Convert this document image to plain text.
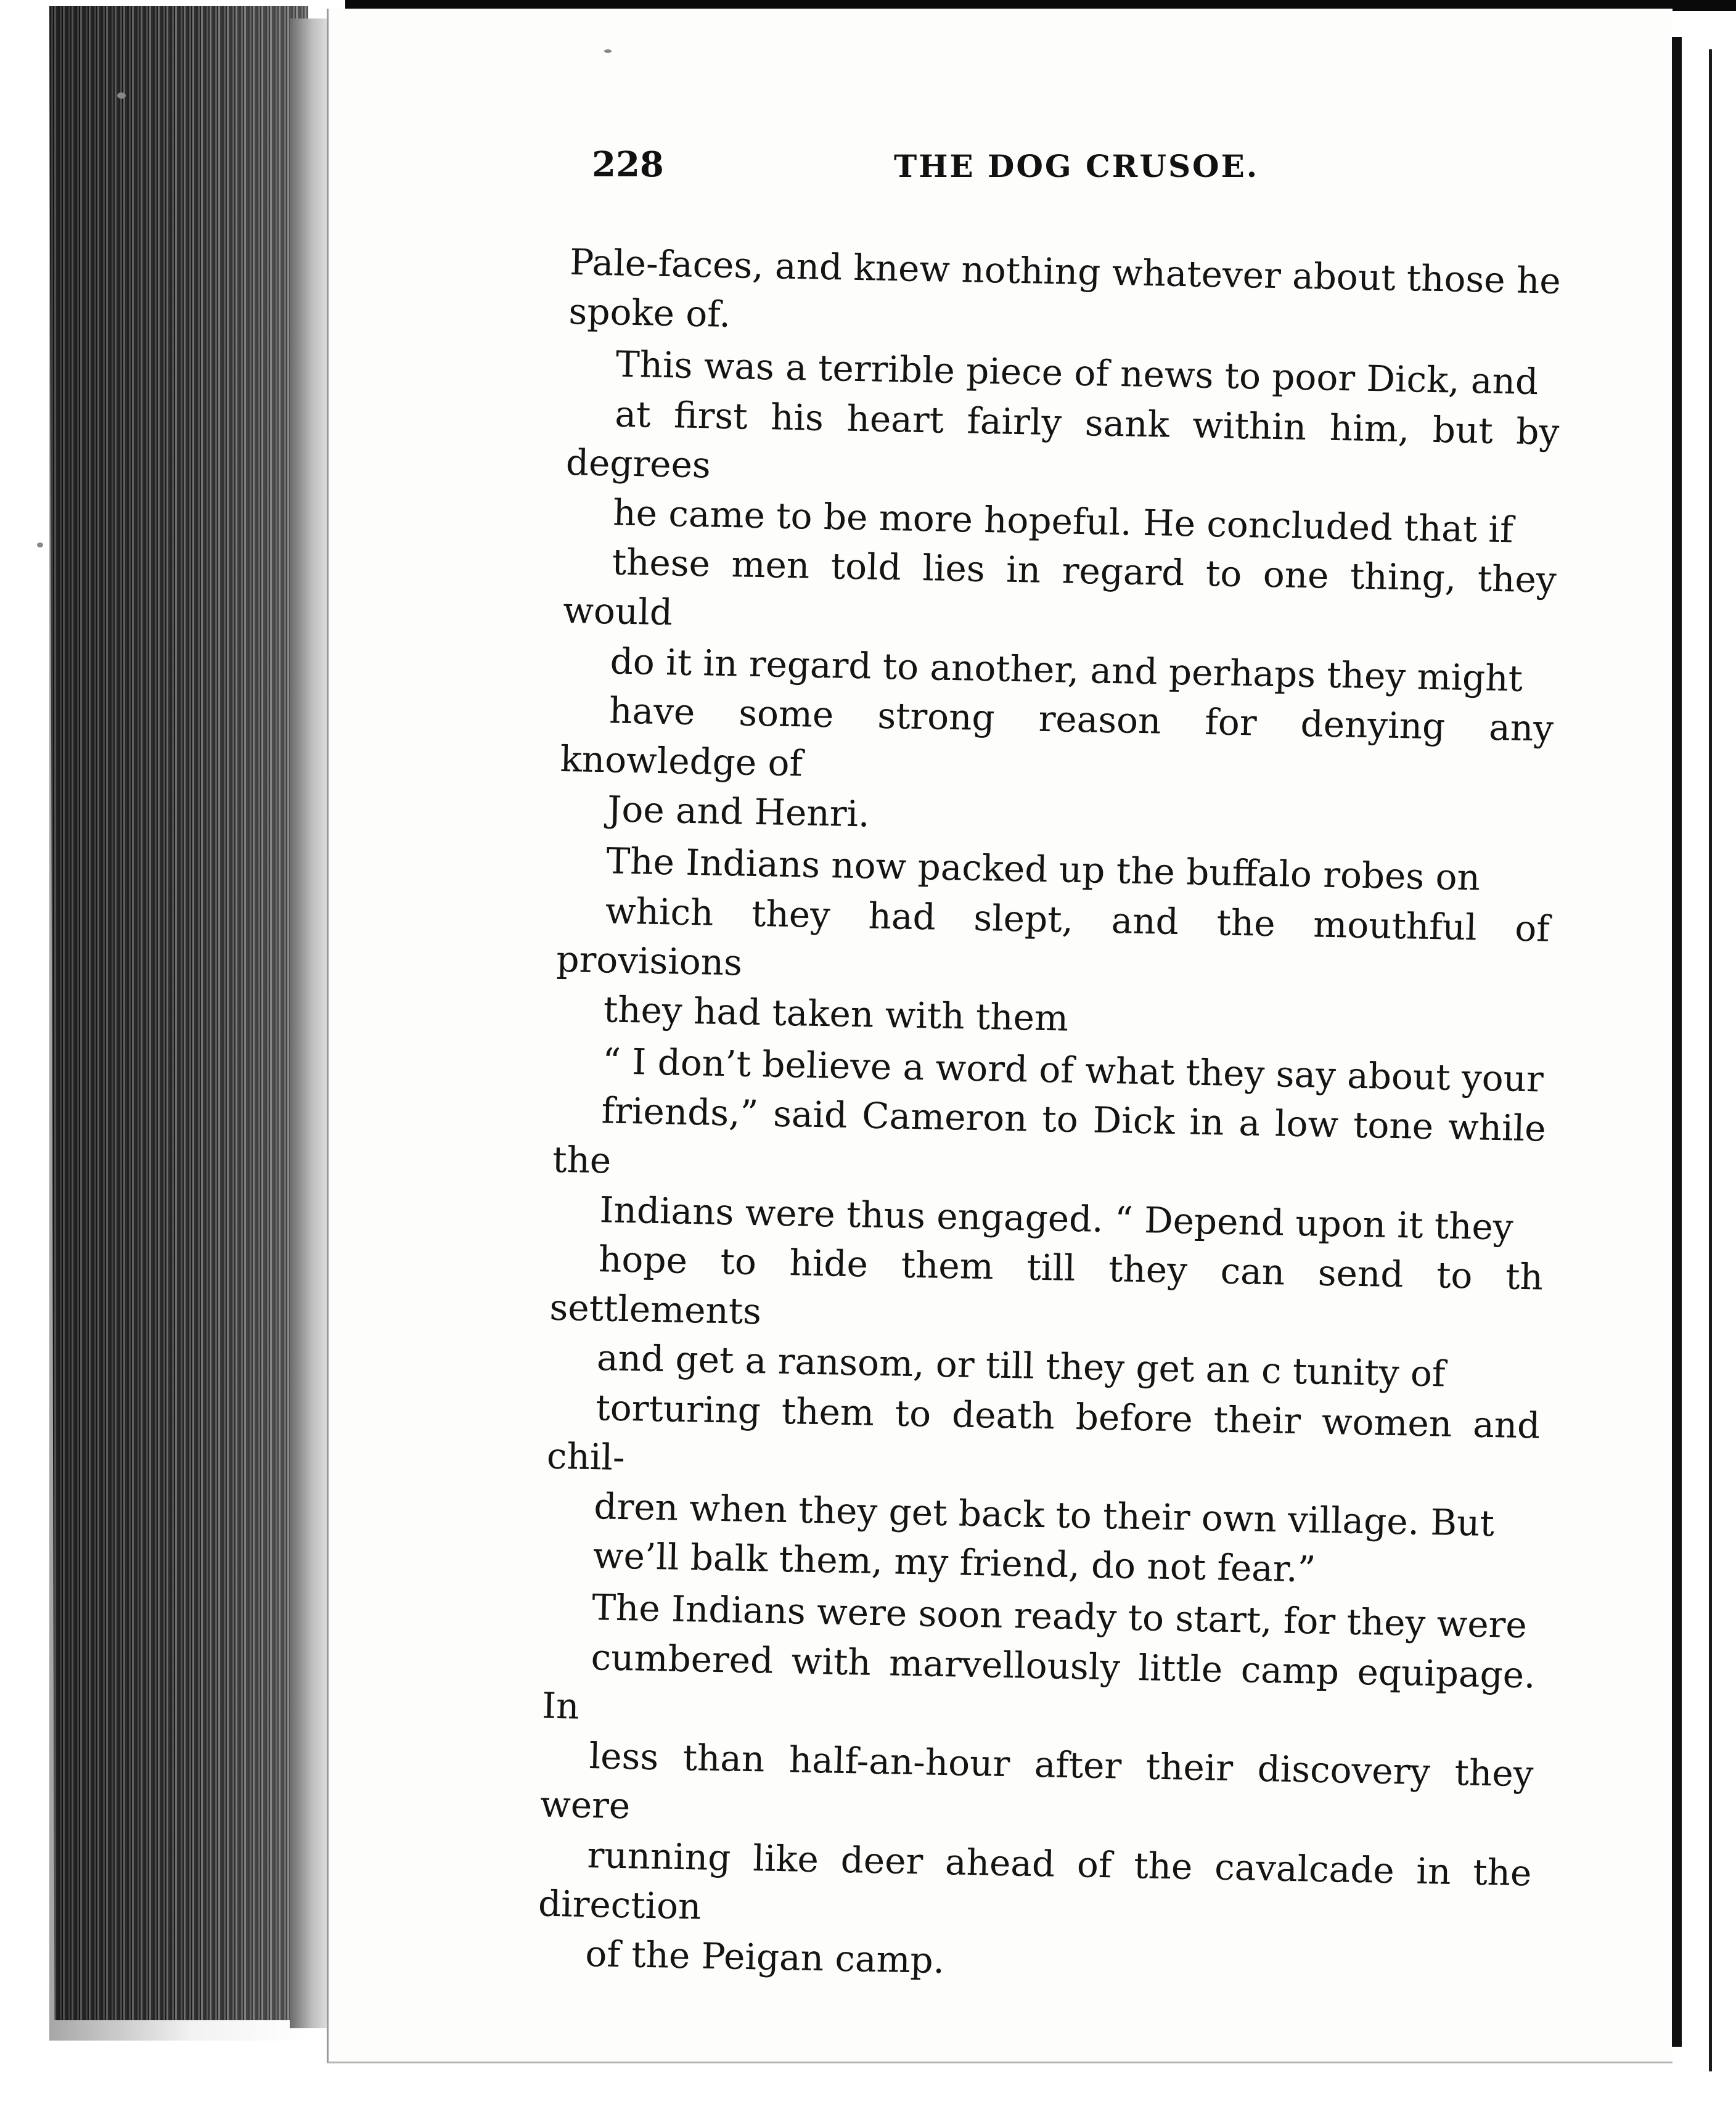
228	THE DOG CRUSOE.

Pale-faces, and knew nothing whatever about those he
spoke of.

This was a terrible piece of news to poor Dick, and
at first his heart fairly sank within him, but by degrees
he came to be more hopeful. He concluded that if
these men told lies in regard to one thing, they would
do it in regard to another, and perhaps they might
have some strong reason for denying any knowledge of
Joe and Henri.

The Indians now packed up the buffalo robes on
which they had slept, and the mouthful of provisions
they had taken with them

“ I don’t believe a word of what they say about your
friends,” said Cameron to Dick in a low tone while the
Indians were thus engaged. “ Depend upon it they
hope to hide them till they can send to th settlements
and get a ransom, or till they get an c tunity of
torturing them to death before their women and chil-
dren when they get back to their own village. But
we’ll balk them, my friend, do not fear.”

The Indians were soon ready to start, for they were
cumbered with marvellously little camp equipage. In
less than half-an-hour after their discovery they were
running like deer ahead of the cavalcade in the direction
of the Peigan camp.
